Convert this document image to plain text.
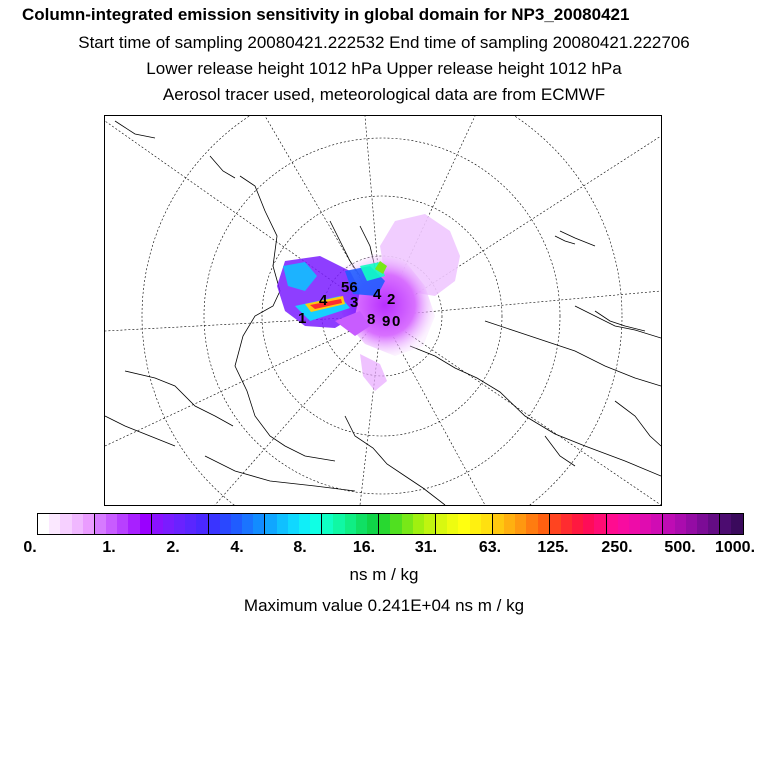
Column-integrated emission sensitivity in global domain for NP3_20080421
Start time of sampling 20080421.222532 End time of sampling 20080421.222706
Lower release height 1012 hPa Upper release height 1012 hPa
Aerosol tracer used, meteorological data are from ECMWF
56
4
1
3 4 2
8 9 0
0.	1.	2.	4.	8.	16. 31.	63. 125. 250. 500. 1000.
ns m / kg
Maximum value 0.241E+04 ns m / kg
